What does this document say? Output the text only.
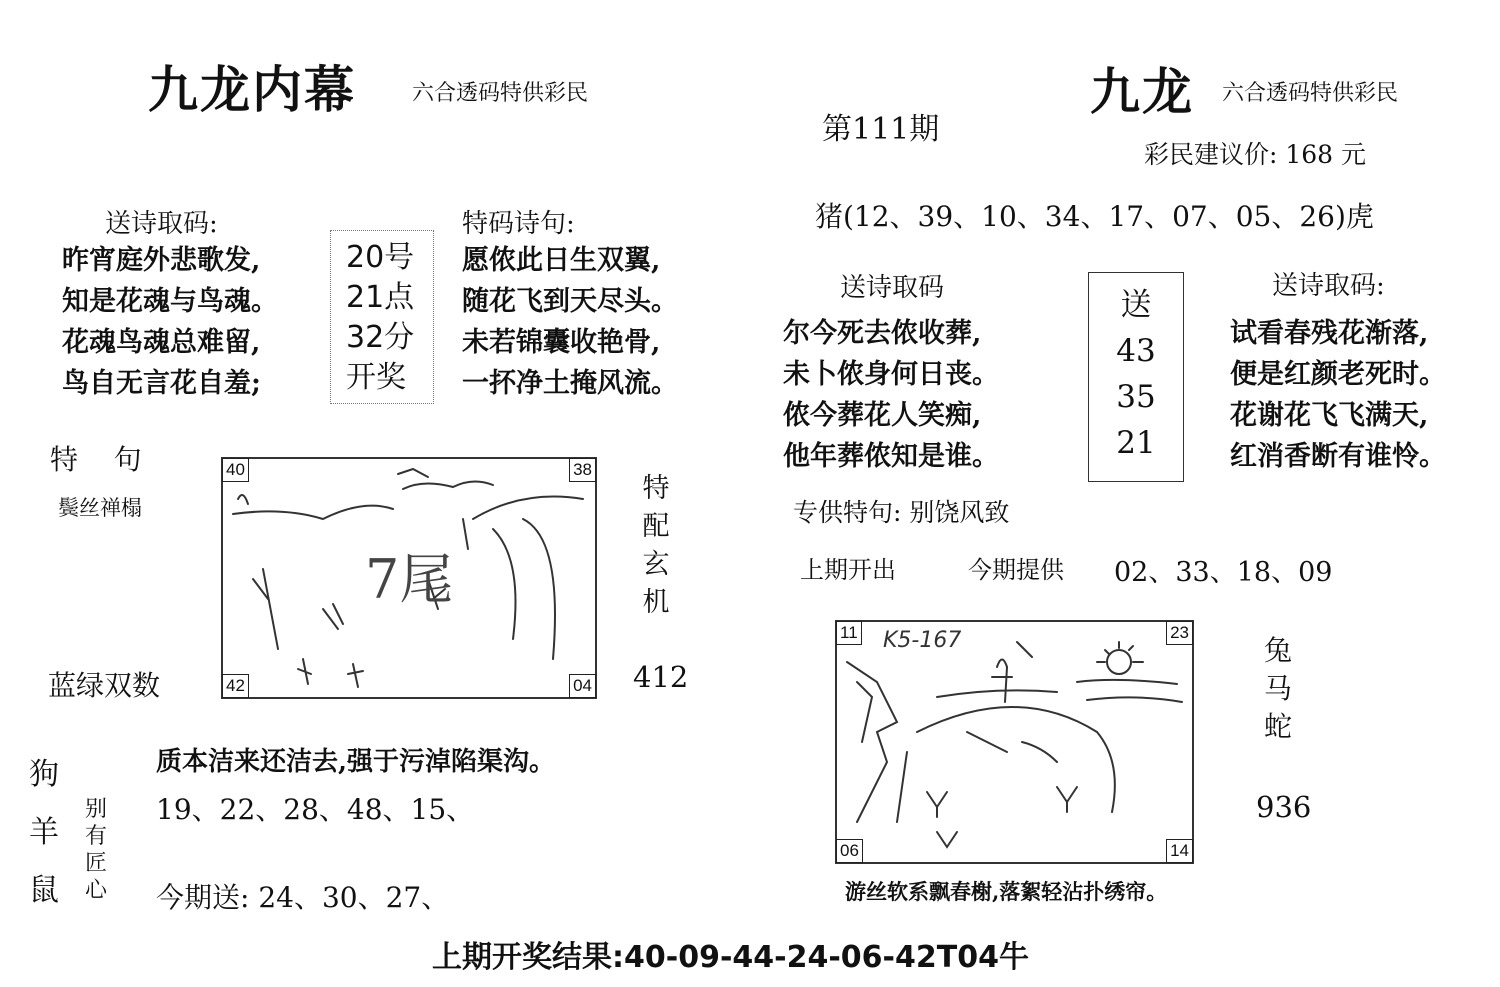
九龙内幕	六合透码特供彩民
送诗取码:
昨宵庭外悲歌发,
知是花魂与鸟魂。
花魂鸟魂总难留,
鸟自无言花自羞;
20号
21点
32分
开奖
特码诗句:
愿侬此日生双翼,
随花飞到天尽头。
未若锦囊收艳骨,
一抔净土掩风流。
特    句
鬓丝禅榻
7尾
40	38
42	04
特
配
玄
机
412
蓝绿双数
狗
羊
鼠
别
有
匠
心
质本洁来还洁去,强于污淖陷渠沟。
19、22、28、48、15、
今期送: 24、30、27、
九龙 六合透码特供彩民
第111期
彩民建议价: 168 元
猪(12、39、10、34、17、07、05、26)虎
送诗取码
尔今死去侬收葬,
未卜侬身何日丧。
侬今葬花人笑痴,
他年葬侬知是谁。
送
43
35
21
送诗取码:
试看春残花渐落,
便是红颜老死时。
花谢花飞飞满天,
红消香断有谁怜。
专供特句: 别饶风致
上期开出	今期提供 02、33、18、09
K5-167
11	23
06	14
兔
马
蛇
936
游丝软系飘春榭,落絮轻沾扑绣帘。
上期开奖结果:40-09-44-24-06-42T04牛
